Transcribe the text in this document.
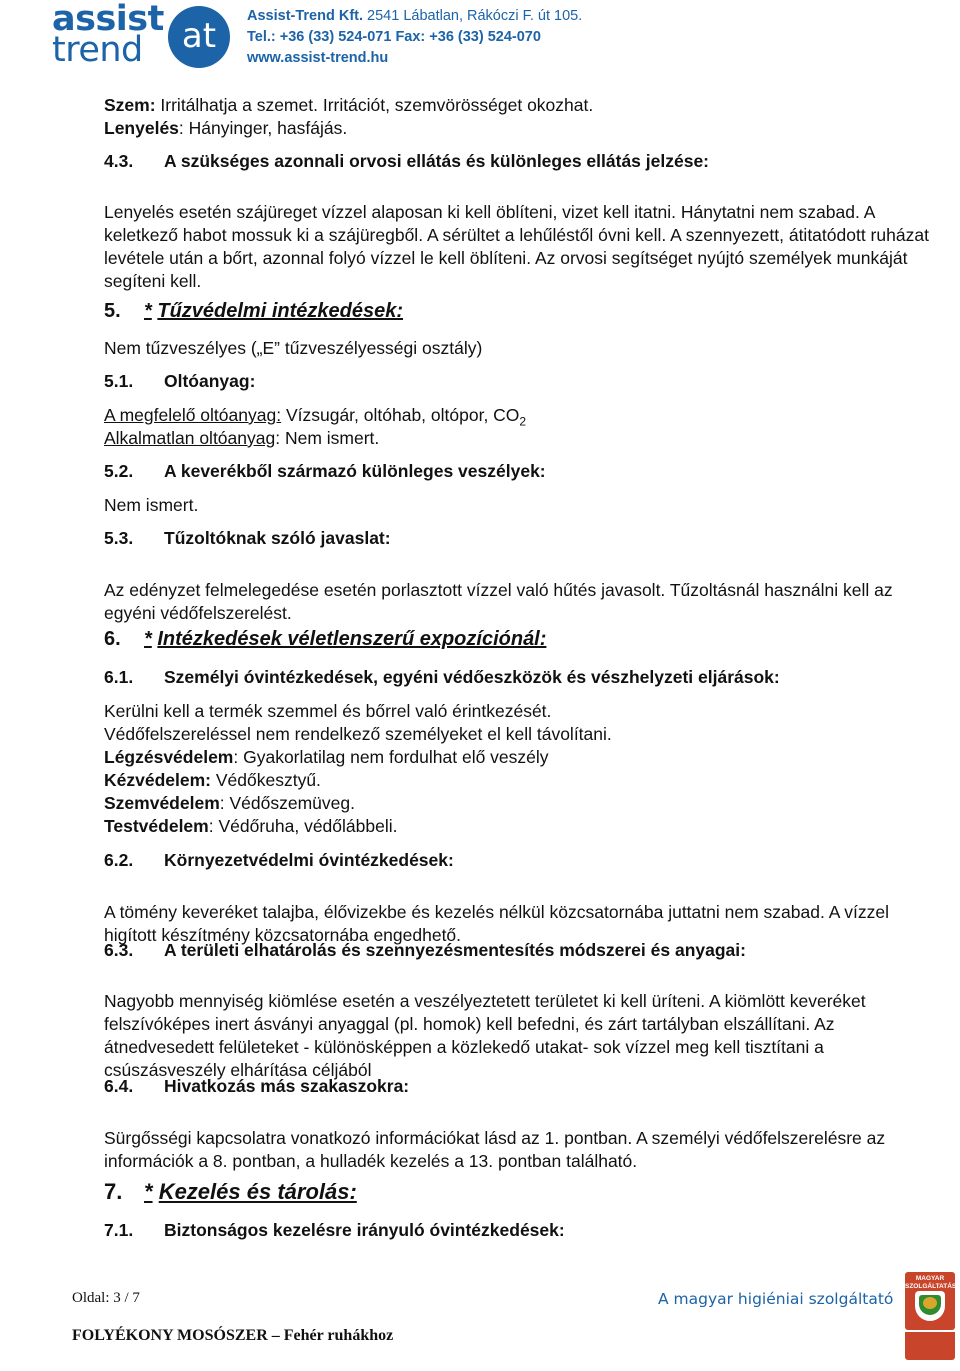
assist
trend	at	Assist-Trend Kft. 2541 Lábatlan, Rákóczi F. út 105.
Tel.: +36 (33) 524-071 Fax: +36 (33) 524-070
www.assist-trend.hu
Szem: Irritálhatja a szemet. Irritációt, szemvörösséget okozhat.
Lenyelés: Hányinger, hasfájás.
4.3. A szükséges azonnali orvosi ellátás és különleges ellátás jelzése:

Lenyelés esetén szájüreget vízzel alaposan ki kell öblíteni, vizet kell itatni. Hánytatni nem szabad. A keletkező habot mossuk ki a szájüregből. A sérültet a lehűléstől óvni kell. A szennyezett, átitatódott ruházat levétele után a bőrt, azonnal folyó vízzel le kell öblíteni. Az orvosi segítséget nyújtó személyek munkáját segíteni kell.

5. * Tűzvédelmi intézkedések:
Nem tűzveszélyes („E” tűzveszélyességi osztály)
5.1. Oltóanyag:
A megfelelő oltóanyag: Vízsugár, oltóhab, oltópor, $CO_2$
Alkalmatlan oltóanyag: Nem ismert.
5.2. A keverékből származó különleges veszélyek:
Nem ismert.
5.3. Tűzoltóknak szóló javaslat:

Az edényzet felmelegedése esetén porlasztott vízzel való hűtés javasolt. Tűzoltásnál használni kell az egyéni védőfelszerelést.

6. * Intézkedések véletlenszerű expozíciónál:
6.1. Személyi óvintézkedések, egyéni védőeszközök és vészhelyzeti eljárások:
Kerülni kell a termék szemmel és bőrrel való érintkezését.
Védőfelszereléssel nem rendelkező személyeket el kell távolítani.
Légzésvédelem: Gyakorlatilag nem fordulhat elő veszély
Kézvédelem: Védőkesztyű.
Szemvédelem: Védőszemüveg.
Testvédelem: Védőruha, védőlábbeli.
6.2. Környezetvédelmi óvintézkedések:

A tömény keveréket talajba, élővizekbe és kezelés nélkül közcsatornába juttatni nem szabad. A vízzel higított készítmény közcsatornába engedhető.

6.3. A területi elhatárolás és szennyezésmentesítés módszerei és anyagai:

Nagyobb mennyiség kiömlése esetén a veszélyeztetett területet ki kell üríteni. A kiömlött keveréket felszívóképes inert ásványi anyaggal (pl. homok) kell befedni, és zárt tartályban elszállítani. Az átnedvesedett felületeket - különösképpen a közlekedő utakat- sok vízzel meg kell tisztítani a csúszásveszély elhárítása céljából

6.4. Hivatkozás más szakaszokra:

Sürgősségi kapcsolatra vonatkozó információkat lásd az 1. pontban. A személyi védőfelszerelésre az információk a 8. pontban, a hulladék kezelés a 13. pontban található.

7. * Kezelés és tárolás:
7.1. Biztonságos kezelésre irányuló óvintézkedések:
Oldal: 3 / 7
FOLYÉKONY MOSÓSZER – Fehér ruhákhoz
A magyar higiéniai szolgáltató
MAGYAR SZOLGÁLTATÁS
